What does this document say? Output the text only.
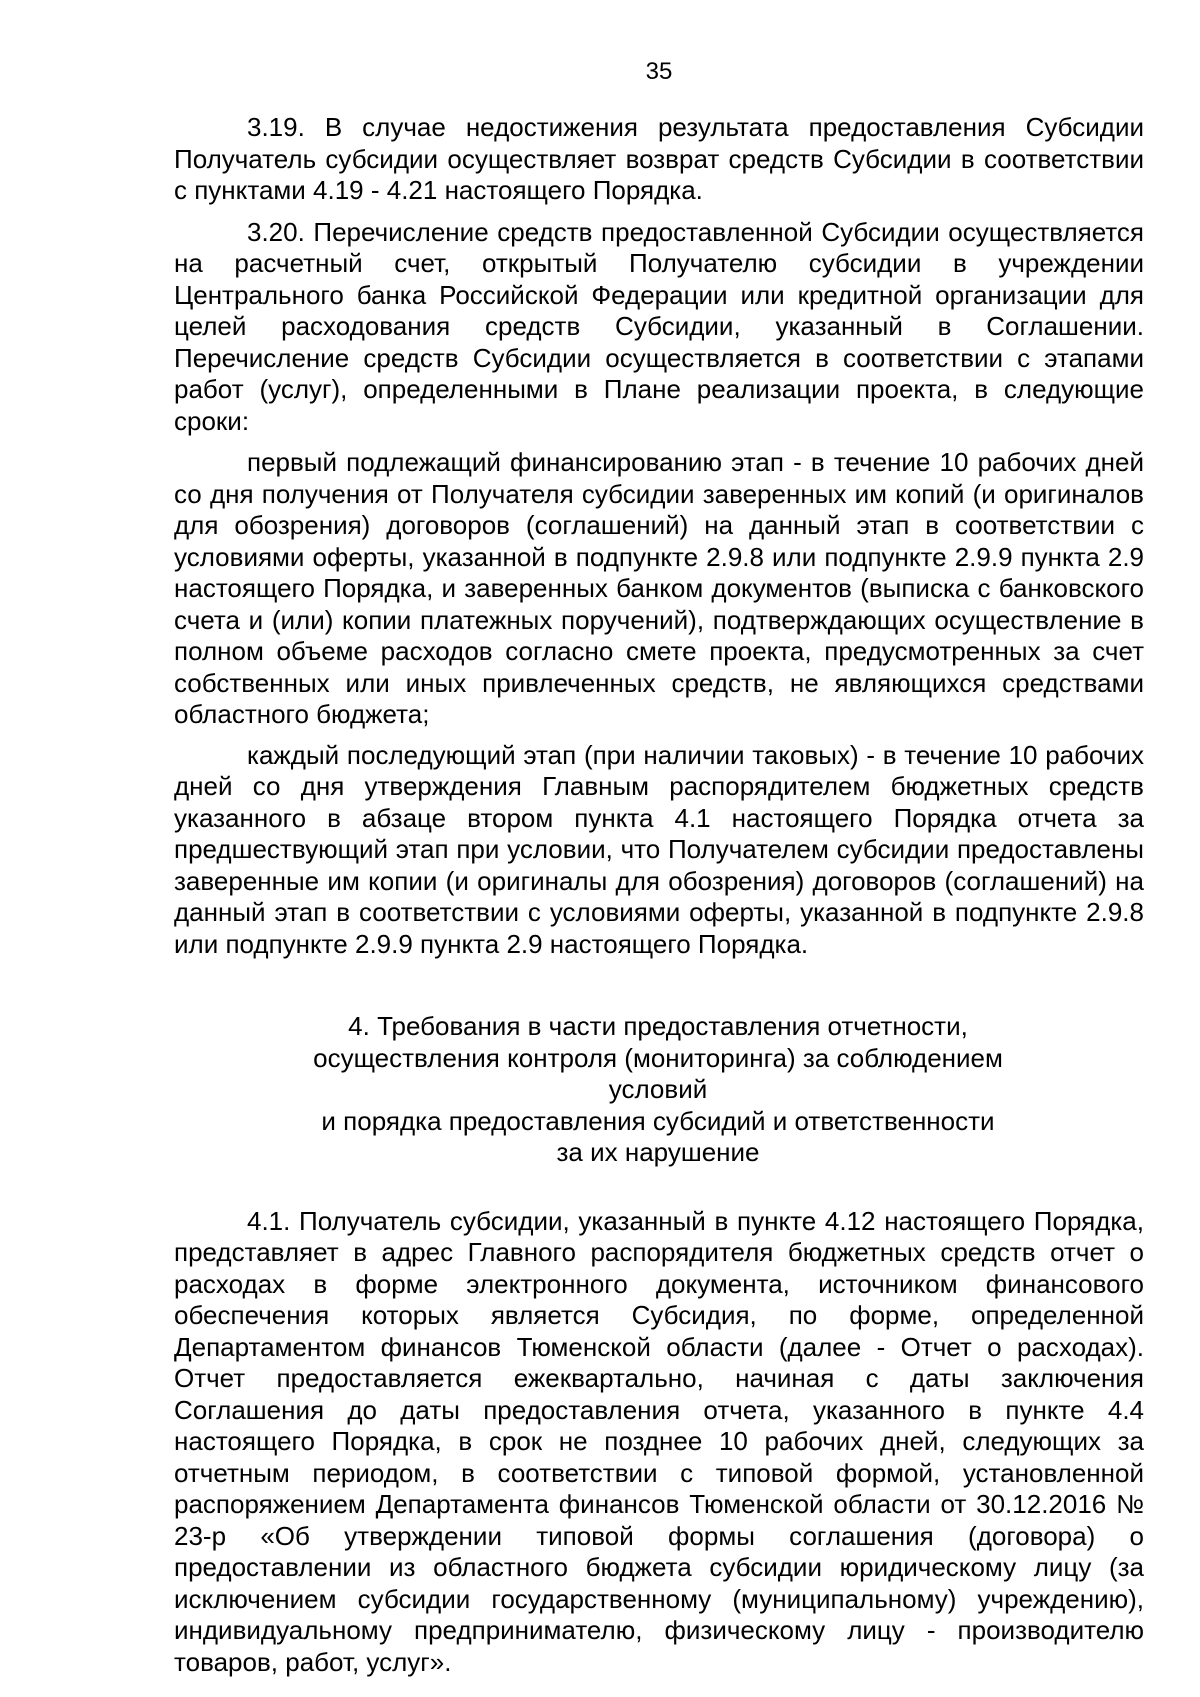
35

3.19. В случае недостижения результата предоставления Субсидии Получатель субсидии осуществляет возврат средств Субсидии в соответствии с пунктами 4.19 - 4.21 настоящего Порядка.

3.20. Перечисление средств предоставленной Субсидии осуществляется на расчетный счет, открытый Получателю субсидии в учреждении Центрального банка Российской Федерации или кредитной организации для целей расходования средств Субсидии, указанный в Соглашении. Перечисление средств Субсидии осуществляется в соответствии с этапами работ (услуг), определенными в Плане реализации проекта, в следующие сроки:

первый подлежащий финансированию этап - в течение 10 рабочих дней со дня получения от Получателя субсидии заверенных им копий (и оригиналов для обозрения) договоров (соглашений) на данный этап в соответствии с условиями оферты, указанной в подпункте 2.9.8 или подпункте 2.9.9 пункта 2.9 настоящего Порядка, и заверенных банком документов (выписка с банковского счета и (или) копии платежных поручений), подтверждающих осуществление в полном объеме расходов согласно смете проекта, предусмотренных за счет собственных или иных привлеченных средств, не являющихся средствами областного бюджета;

каждый последующий этап (при наличии таковых) - в течение 10 рабочих дней со дня утверждения Главным распорядителем бюджетных средств указанного в абзаце втором пункта 4.1 настоящего Порядка отчета за предшествующий этап при условии, что Получателем субсидии предоставлены заверенные им копии (и оригиналы для обозрения) договоров (соглашений) на данный этап в соответствии с условиями оферты, указанной в подпункте 2.9.8 или подпункте 2.9.9 пункта 2.9 настоящего Порядка.

4. Требования в части предоставления отчетности,
осуществления контроля (мониторинга) за соблюдением условий
и порядка предоставления субсидий и ответственности
за их нарушение

4.1. Получатель субсидии, указанный в пункте 4.12 настоящего Порядка, представляет в адрес Главного распорядителя бюджетных средств отчет о расходах в форме электронного документа, источником финансового обеспечения которых является Субсидия, по форме, определенной Департаментом финансов Тюменской области (далее - Отчет о расходах). Отчет предоставляется ежеквартально, начиная с даты заключения Соглашения до даты предоставления отчета, указанного в пункте 4.4 настоящего Порядка, в срок не позднее 10 рабочих дней, следующих за отчетным периодом, в соответствии с типовой формой, установленной распоряжением Департамента финансов Тюменской области от 30.12.2016 № 23-р «Об утверждении типовой формы соглашения (договора) о предоставлении из областного бюджета субсидии юридическому лицу (за исключением субсидии государственному (муниципальному) учреждению), индивидуальному предпринимателю, физическому лицу - производителю товаров, работ, услуг».
